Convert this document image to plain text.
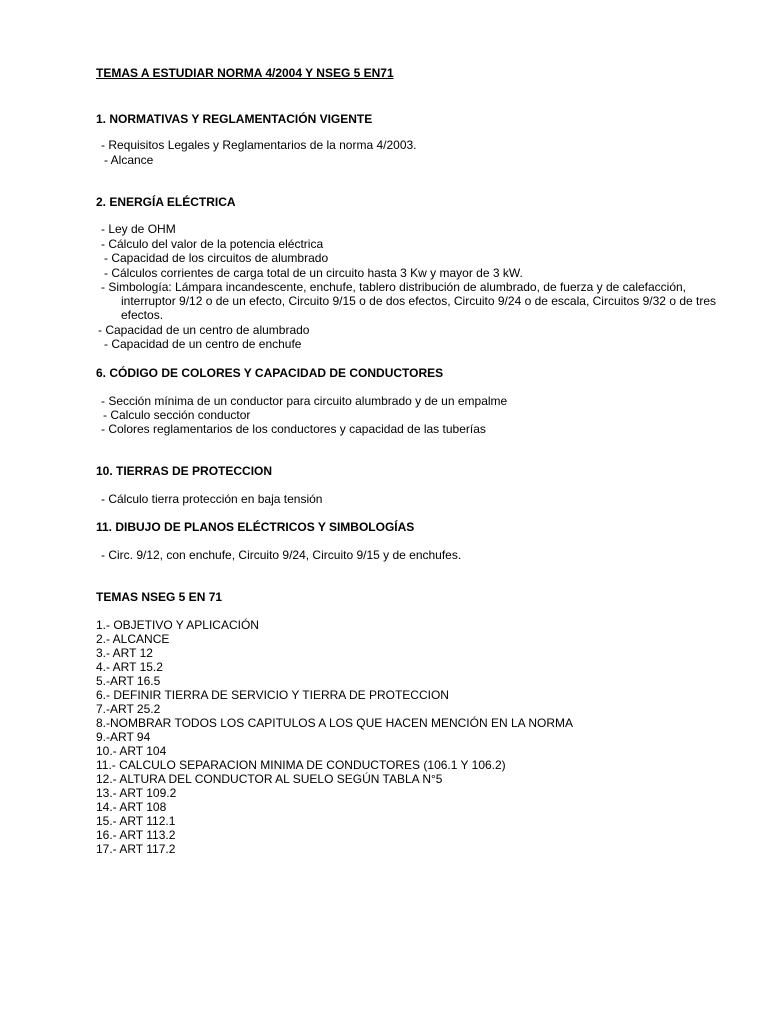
TEMAS A ESTUDIAR NORMA 4/2004 Y NSEG 5 EN71
1. NORMATIVAS Y REGLAMENTACIÓN VIGENTE
- Requisitos Legales y Reglamentarios de la norma 4/2003.
- Alcance
2. ENERGÍA ELÉCTRICA
- Ley de OHM
- Cálculo del valor de la potencia eléctrica
- Capacidad de los circuitos de alumbrado
- Cálculos corrientes de carga total de un circuito hasta 3 Kw y mayor de 3 kW.
- Simbología: Lámpara incandescente, enchufe, tablero distribución de alumbrado, de fuerza y de calefacción,
interruptor 9/12 o de un efecto, Circuito 9/15 o de dos efectos, Circuito 9/24 o de escala, Circuitos 9/32 o de tres
efectos.
- Capacidad de un centro de alumbrado
- Capacidad de un centro de enchufe
6. CÓDIGO DE COLORES Y CAPACIDAD DE CONDUCTORES
- Sección mínima de un conductor para circuito alumbrado y de un empalme
- Calculo sección conductor
- Colores reglamentarios de los conductores y capacidad de las tuberías
10. TIERRAS DE PROTECCION
- Cálculo tierra protección en baja tensión
11. DIBUJO DE PLANOS ELÉCTRICOS Y SIMBOLOGÍAS
- Circ. 9/12, con enchufe, Circuito 9/24, Circuito 9/15 y de enchufes.
TEMAS NSEG 5 EN 71
1.- OBJETIVO Y APLICACIÓN
2.- ALCANCE
3.- ART 12
4.- ART 15.2
5.-ART 16.5
6.- DEFINIR TIERRA DE SERVICIO Y TIERRA DE PROTECCION
7.-ART 25.2
8.-NOMBRAR TODOS LOS CAPITULOS A LOS QUE HACEN MENCIÓN EN LA NORMA
9.-ART 94
10.- ART 104
11.- CALCULO SEPARACION MINIMA DE CONDUCTORES (106.1 Y 106.2)
12.- ALTURA DEL CONDUCTOR AL SUELO SEGÚN TABLA N°5
13.- ART 109.2
14.- ART 108
15.- ART 112.1
16.- ART 113.2
17.- ART 117.2
